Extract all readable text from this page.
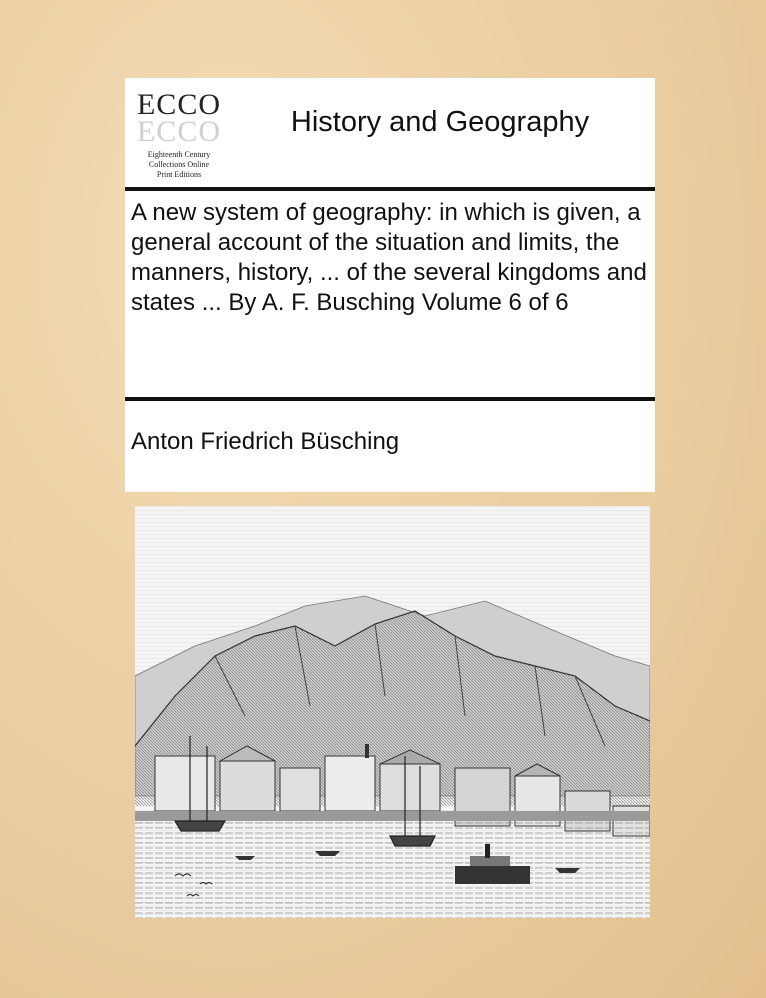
ECCO
ECCO
Eighteenth Century
Collections Online
Print Editions
History and Geography
A new system of geography: in which is given, a general account of the situation and limits, the manners, history, ... of the several kingdoms and states ... By A. F. Busching Volume 6 of 6
Anton Friedrich Büsching
